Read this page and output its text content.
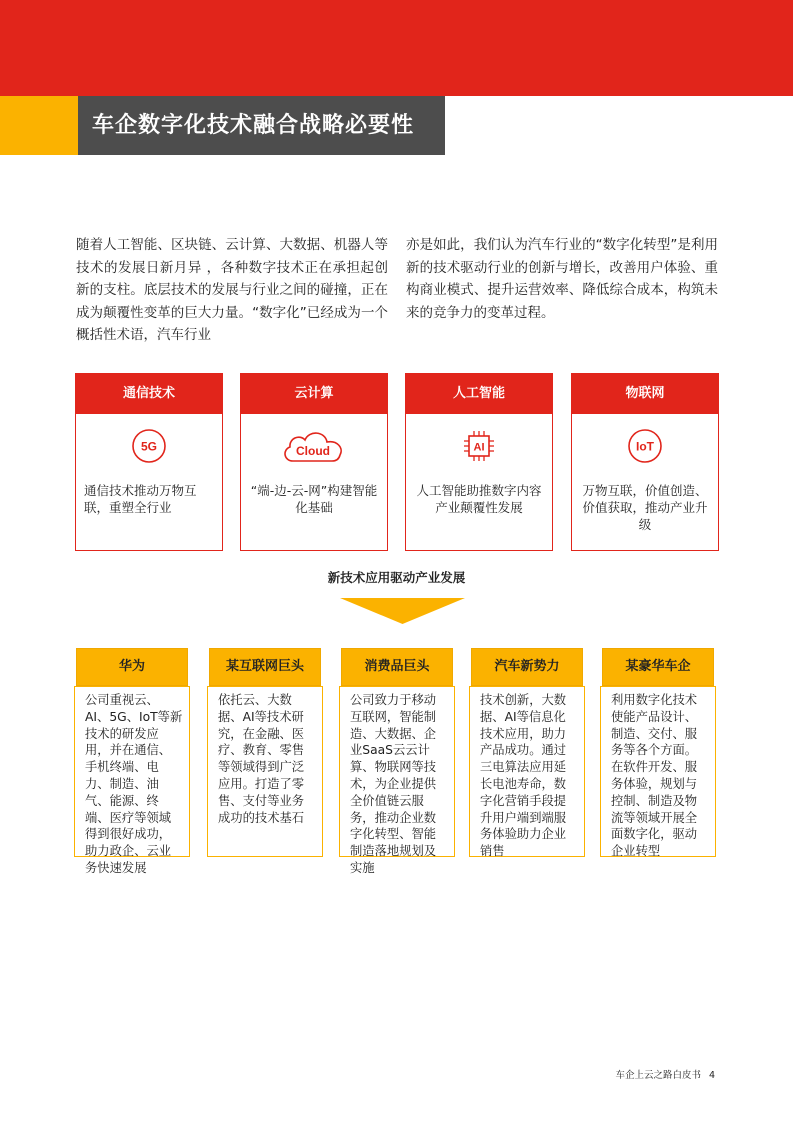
车企数字化技术融合战略必要性
随着人工智能、区块链、云计算、大数据、机器人等技术的发展日新月异 ，各种数字技术正在承担起创新的支柱。底层技术的发展与行业之间的碰撞，正在成为颠覆性变革的巨大力量。“数字化”已经成为一个概括性术语，汽车行业
亦是如此，我们认为汽车行业的“数字化转型”是利用新的技术驱动行业的创新与增长，改善用户体验、重构商业模式、提升运营效率、降低综合成本，构筑未来的竞争力的变革过程。
通信技术
5G
通信技术推动万物互联，重塑全行业
云计算
Cloud
“端-边-云-网”构建智能化基础
人工智能
AI
人工智能助推数字内容产业颠覆性发展
物联网
IoT
万物互联，价值创造、价值获取，推动产业升级
新技术应用驱动产业发展
华为
公司重视云、AI、5G、IoT等新技术的研发应用，并在通信、手机终端、电力、制造、油气、能源、终端、医疗等领域得到很好成功，助力政企、云业务快速发展
某互联网巨头
依托云、大数据、AI等技术研究，在金融、医疗、教育、零售等领域得到广泛应用。打造了零售、支付等业务成功的技术基石
消费品巨头
公司致力于移动互联网，智能制造、大数据、企业SaaS云云计算、物联网等技术，为企业提供全价值链云服务，推动企业数字化转型、智能制造落地规划及实施
汽车新势力
技术创新，大数据、AI等信息化技术应用，助力产品成功。通过三电算法应用延长电池寿命，数字化营销手段提升用户端到端服务体验助力企业销售
某豪华车企
利用数字化技术使能产品设计、制造、交付、服务等各个方面。在软件开发、服务体验，规划与控制、制造及物流等领域开展全面数字化，驱动企业转型
车企上云之路白皮书 4
